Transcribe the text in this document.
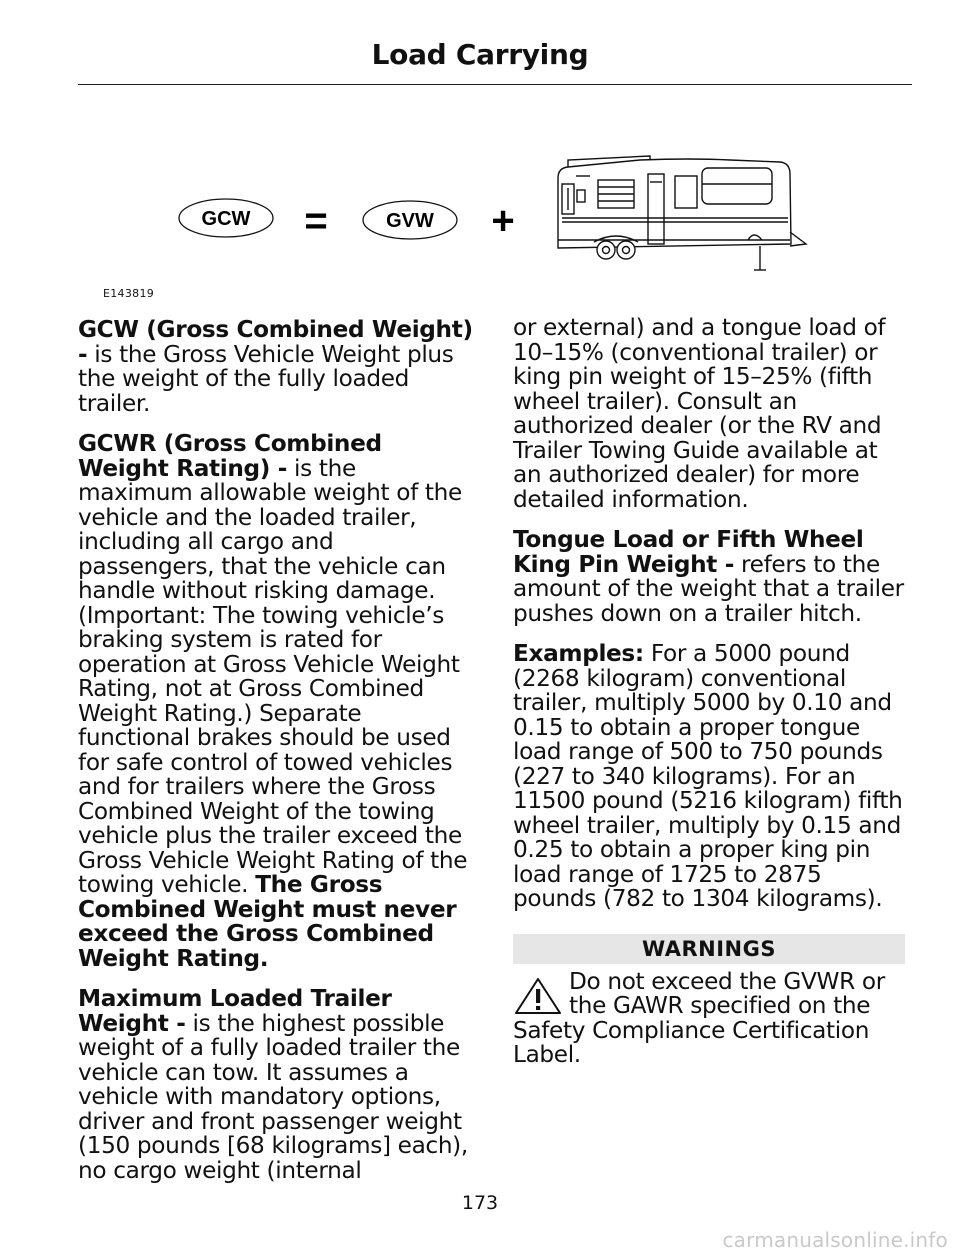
Load Carrying
GCW =	GVW +
E143819

GCW (Gross Combined Weight) - is the Gross Vehicle Weight plus the weight of the fully loaded trailer.

GCWR (Gross Combined Weight Rating) - is the maximum allowable weight of the vehicle and the loaded trailer, including all cargo and passengers, that the vehicle can handle without risking damage. (Important: The towing vehicle’s braking system is rated for operation at Gross Vehicle Weight Rating, not at Gross Combined Weight Rating.) Separate functional brakes should be used for safe control of towed vehicles and for trailers where the Gross Combined Weight of the towing vehicle plus the trailer exceed the Gross Vehicle Weight Rating of the towing vehicle. The Gross Combined Weight must never exceed the Gross Combined Weight Rating.

Maximum Loaded Trailer Weight - is the highest possible weight of a fully loaded trailer the vehicle can tow. It assumes a vehicle with mandatory options, driver and front passenger weight (150 pounds [68 kilograms] each), no cargo weight (internal

or external) and a tongue load of 10–15% (conventional trailer) or king pin weight of 15–25% (fifth wheel trailer). Consult an authorized dealer (or the RV and Trailer Towing Guide available at an authorized dealer) for more detailed information.

Tongue Load or Fifth Wheel King Pin Weight - refers to the amount of the weight that a trailer pushes down on a trailer hitch.

Examples: For a 5000 pound (2268 kilogram) conventional trailer, multiply 5000 by 0.10 and 0.15 to obtain a proper tongue load range of 500 to 750 pounds (227 to 340 kilograms). For an 11500 pound (5216 kilogram) fifth wheel trailer, multiply by 0.15 and 0.25 to obtain a proper king pin load range of 1725 to 2875 pounds (782 to 1304 kilograms).

WARNINGS
Do not exceed the GVWR or the GAWR specified on the Safety Compliance Certification Label.
173
carmanualsonline.info
